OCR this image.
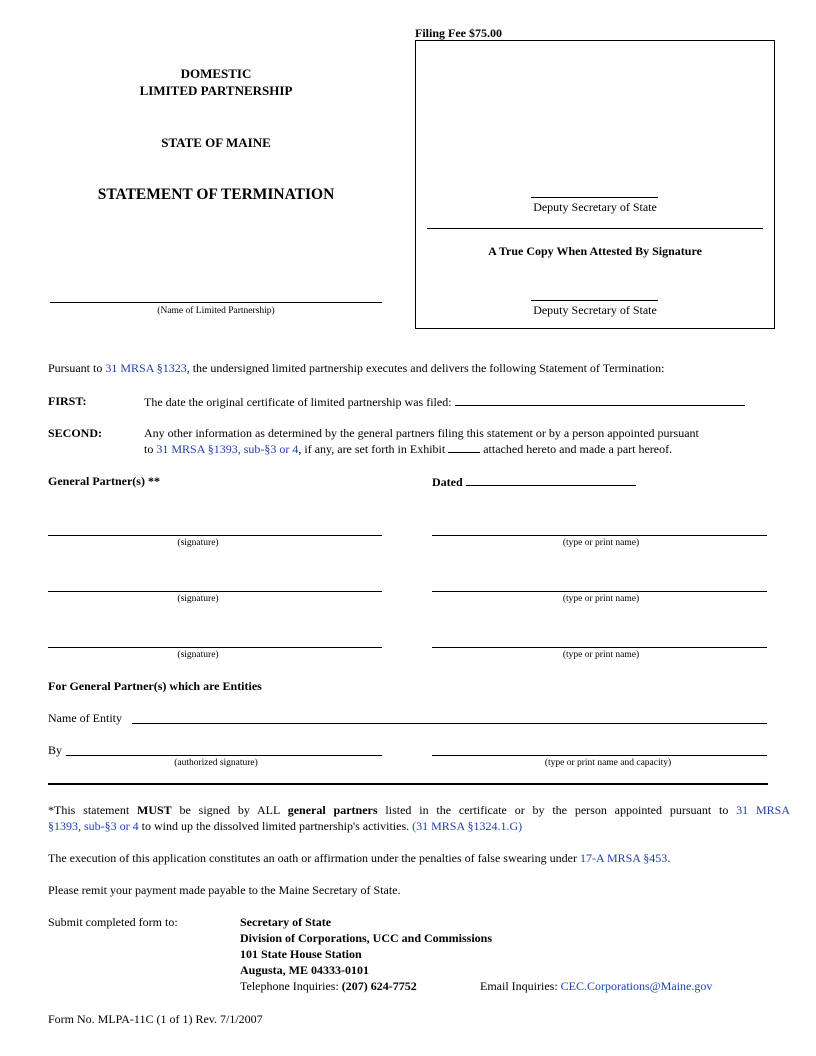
DOMESTIC
LIMITED PARTNERSHIP
STATE OF MAINE
STATEMENT OF TERMINATION
(Name of Limited Partnership)
Filing Fee $75.00
Deputy Secretary of State
A True Copy When Attested By Signature
Deputy Secretary of State
Pursuant to 31 MRSA §1323, the undersigned limited partnership executes and delivers the following Statement of Termination:
FIRST:	The date the original certificate of limited partnership was filed:
SECOND:	Any other information as determined by the general partners filing this statement or by a person appointed pursuant
to 31 MRSA §1393, sub-§3 or 4, if any, are set forth in Exhibit	attached hereto and made a part hereof.
General Partner(s) **	Dated
(signature)	(type or print name)
(signature)	(type or print name)
(signature)	(type or print name)
For General Partner(s) which are Entities
Name of Entity
By
(authorized signature)	(type or print name and capacity)
*This statement MUST be signed by ALL general partners listed in the certificate or by the person appointed pursuant to 31 MRSA
§1393, sub-§3 or 4 to wind up the dissolved limited partnership's activities. (31 MRSA §1324.1.G)
The execution of this application constitutes an oath or affirmation under the penalties of false swearing under 17-A MRSA §453.
Please remit your payment made payable to the Maine Secretary of State.
Submit completed form to:	Secretary of State
Division of Corporations, UCC and Commissions
101 State House Station
Augusta, ME 04333-0101
Telephone Inquiries: (207) 624-7752	Email Inquiries: CEC.Corporations@Maine.gov
Form No. MLPA-11C (1 of 1) Rev. 7/1/2007
